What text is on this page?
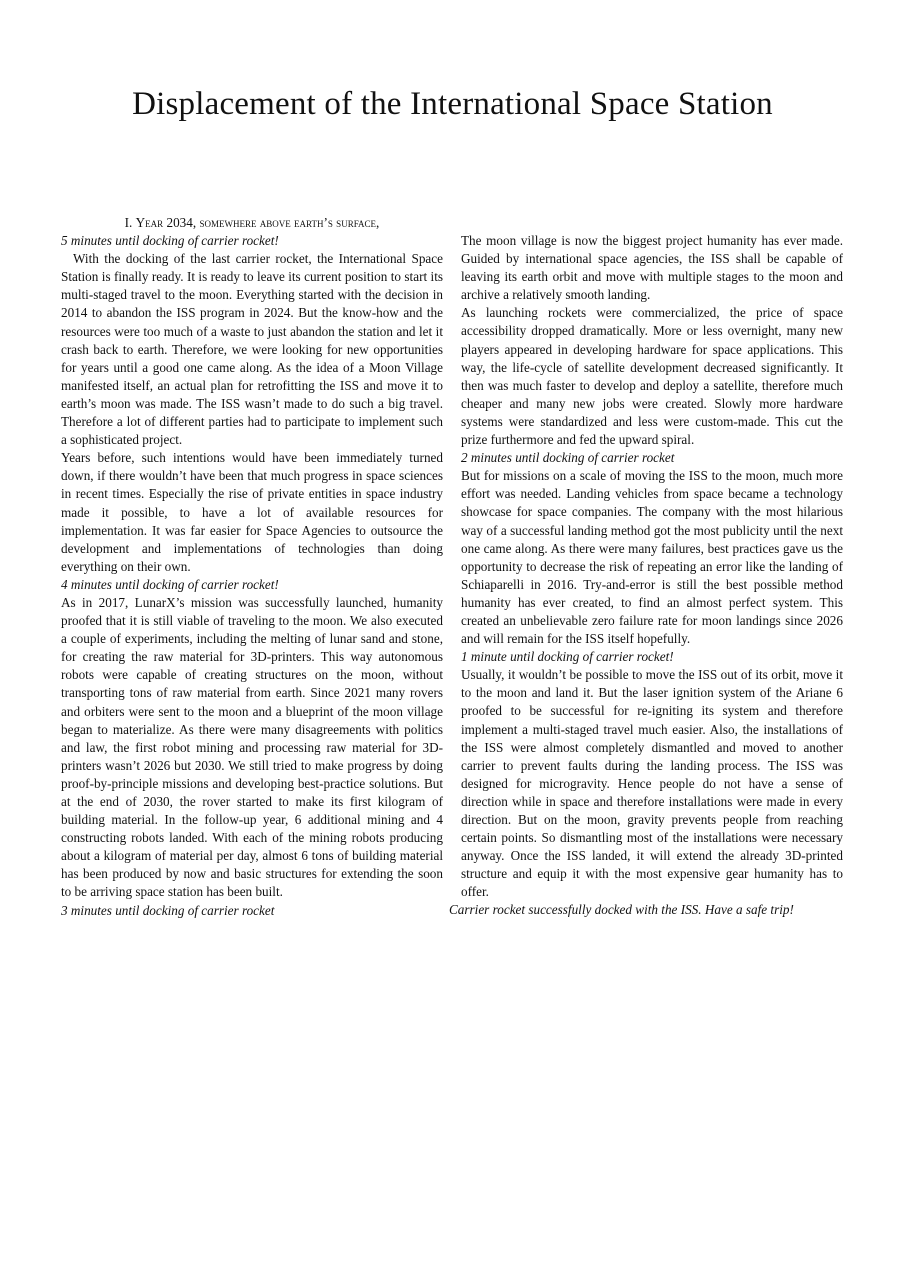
Displacement of the International Space Station
I. Year 2034, somewhere above earth’s surface,

5 minutes until docking of carrier rocket!

With the docking of the last carrier rocket, the International Space Station is finally ready. It is ready to leave its current position to start its multi-staged travel to the moon. Everything started with the decision in 2014 to abandon the ISS program in 2024. But the know-how and the resources were too much of a waste to just abandon the station and let it crash back to earth. Therefore, we were looking for new opportunities for years until a good one came along. As the idea of a Moon Village manifested itself, an actual plan for retrofitting the ISS and move it to earth’s moon was made. The ISS wasn’t made to do such a big travel. Therefore a lot of different parties had to participate to implement such a sophisticated project.

Years before, such intentions would have been immediately turned down, if there wouldn’t have been that much progress in space sciences in recent times. Especially the rise of private entities in space industry made it possible, to have a lot of available resources for implementation. It was far easier for Space Agencies to outsource the development and implementations of technologies than doing everything on their own.

4 minutes until docking of carrier rocket!

As in 2017, LunarX’s mission was successfully launched, humanity proofed that it is still viable of traveling to the moon. We also executed a couple of experiments, including the melting of lunar sand and stone, for creating the raw material for 3D-printers. This way autonomous robots were capable of creating structures on the moon, without transporting tons of raw material from earth. Since 2021 many rovers and orbiters were sent to the moon and a blueprint of the moon village began to materialize. As there were many disagreements with politics and law, the first robot mining and processing raw material for 3D-printers wasn’t 2026 but 2030. We still tried to make progress by doing proof-by-principle missions and developing best-practice solutions. But at the end of 2030, the rover started to make its first kilogram of building material. In the follow-up year, 6 additional mining and 4 constructing robots landed. With each of the mining robots producing about a kilogram of material per day, almost 6 tons of building material has been produced by now and basic structures for extending the soon to be arriving space station has been built.

3 minutes until docking of carrier rocket

The moon village is now the biggest project humanity has ever made. Guided by international space agencies, the ISS shall be capable of leaving its earth orbit and move with multiple stages to the moon and archive a relatively smooth landing.

As launching rockets were commercialized, the price of space accessibility dropped dramatically. More or less overnight, many new players appeared in developing hardware for space applications. This way, the life-cycle of satellite development decreased significantly. It then was much faster to develop and deploy a satellite, therefore much cheaper and many new jobs were created. Slowly more hardware systems were standardized and less were custom-made. This cut the prize furthermore and fed the upward spiral.

2 minutes until docking of carrier rocket

But for missions on a scale of moving the ISS to the moon, much more effort was needed. Landing vehicles from space became a technology showcase for space companies. The company with the most hilarious way of a successful landing method got the most publicity until the next one came along. As there were many failures, best practices gave us the opportunity to decrease the risk of repeating an error like the landing of Schiaparelli in 2016. Try-and-error is still the best possible method humanity has ever created, to find an almost perfect system. This created an unbelievable zero failure rate for moon landings since 2026 and will remain for the ISS itself hopefully.

1 minute until docking of carrier rocket!

Usually, it wouldn’t be possible to move the ISS out of its orbit, move it to the moon and land it. But the laser ignition system of the Ariane 6 proofed to be successful for re-igniting its system and therefore implement a multi-staged travel much easier. Also, the installations of the ISS were almost completely dismantled and moved to another carrier to prevent faults during the landing process. The ISS was designed for microgravity. Hence people do not have a sense of direction while in space and therefore installations were made in every direction. But on the moon, gravity prevents people from reaching certain points. So dismantling most of the installations were necessary anyway. Once the ISS landed, it will extend the already 3D-printed structure and equip it with the most expensive gear humanity has to offer.

Carrier rocket successfully docked with the ISS. Have a safe trip!
